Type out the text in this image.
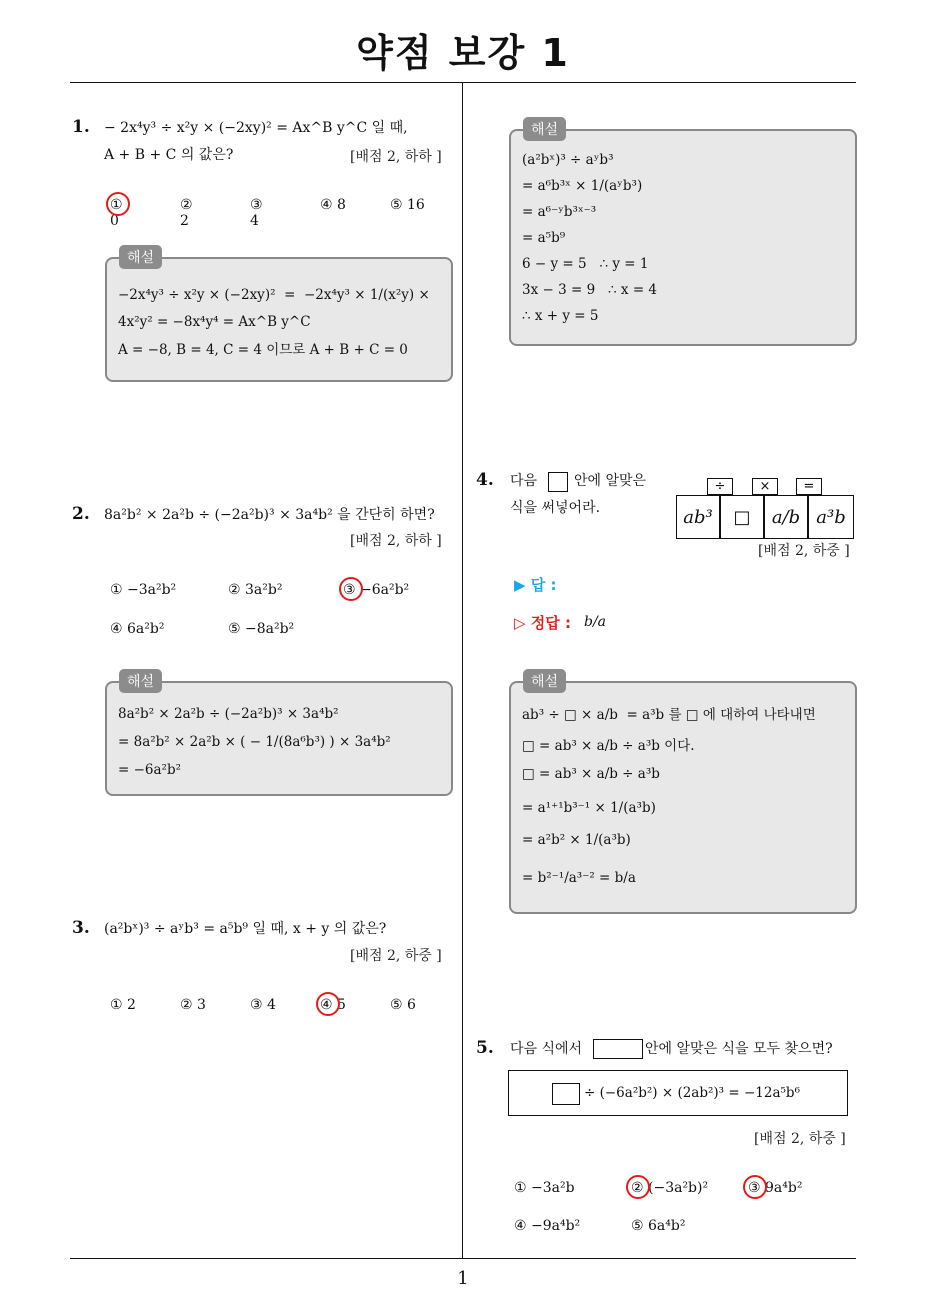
약점 보강 1
1
1. − 2x⁴y³ ÷ x²y × (−2xy)² = Ax^B y^C 일 때,
A + B + C 의 값은?	[배점 2, 하하 ]
① 0
② 2
③ 4
④ 8	⑤ 16
해설
−2x⁴y³ ÷ x²y × (−2xy)²  =  −2x⁴y³ × 1/(x²y) ×
4x²y² = −8x⁴y⁴ = Ax^B y^C
A = −8, B = 4, C = 4 이므로 A + B + C = 0
2. 8a²b² × 2a²b ÷ (−2a²b)³ × 3a⁴b² 을 간단히 하면?
[배점 2, 하하 ]
① −3a²b²	② 3a²b²	③ −6a²b²
④ 6a²b²	⑤ −8a²b²
해설
8a²b² × 2a²b ÷ (−2a²b)³ × 3a⁴b²
= 8a²b² × 2a²b × ( − 1/(8a⁶b³) ) × 3a⁴b²
= −6a²b²
3. (a²bˣ)³ ÷ aʸb³ = a⁵b⁹ 일 때, x + y 의 값은?
[배점 2, 하중 ]
① 2	② 3	③ 4	④ 5	⑤ 6
해설
(a²bˣ)³ ÷ aʸb³
= a⁶b³ˣ × 1/(aʸb³)
= a⁶⁻ʸb³ˣ⁻³
= a⁵b⁹
6 − y = 5   ∴ y = 1
3x − 3 = 9   ∴ x = 4
∴ x + y = 5
4. 다음	안에 알맞은
식을 써넣어라.
÷	×	=
ab³	□	a/b a³b
[배점 2, 하중 ]
▶ 답 :
▷ 정답 : b/a
해설
ab³ ÷ □ × a/b  = a³b 를 □ 에 대하여 나타내면
□ = ab³ × a/b ÷ a³b 이다.
□ = ab³ × a/b ÷ a³b
= a¹⁺¹b³⁻¹ × 1/(a³b)
= a²b² × 1/(a³b)
= b²⁻¹/a³⁻² = b/a
5. 다음 식에서	안에 알맞은 식을 모두 찾으면?
÷ (−6a²b²) × (2ab²)³ = −12a⁵b⁶
[배점 2, 하중 ]
① −3a²b	② (−3a²b)²	③ 9a⁴b²
④ −9a⁴b²	⑤ 6a⁴b²
